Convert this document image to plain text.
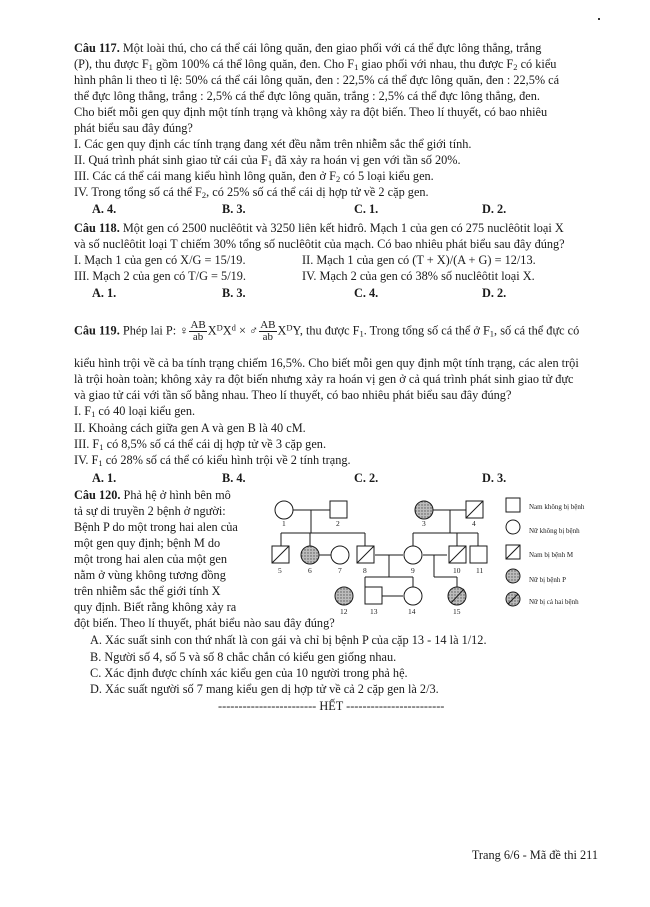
Câu 117. Một loài thú, cho cá thể cái lông quăn, đen giao phối với cá thể đực lông thẳng, trắng
(P), thu được $F_1$ gồm 100% cá thể lông quăn, đen. Cho $F_1$ giao phối với nhau, thu được $F_2$ có kiểu
hình phân li theo tỉ lệ: 50% cá thể cái lông quăn, đen : 22,5% cá thể đực lông quăn, đen : 22,5% cá
thể đực lông thẳng, trắng : 2,5% cá thể đực lông quăn, trắng : 2,5% cá thể đực lông thẳng, đen.
Cho biết mỗi gen quy định một tính trạng và không xảy ra đột biến. Theo lí thuyết, có bao nhiêu
phát biểu sau đây đúng?
I. Các gen quy định các tính trạng đang xét đều nằm trên nhiễm sắc thể giới tính.
II. Quá trình phát sinh giao tử cái của $F_1$ đã xảy ra hoán vị gen với tần số 20%.
III. Các cá thể cái mang kiểu hình lông quăn, đen ở $F_2$ có 5 loại kiểu gen.
IV. Trong tổng số cá thể $F_2$, có 25% số cá thể cái dị hợp tử về 2 cặp gen.
A. 4.	B. 3.	C. 1.	D. 2.
Câu 118. Một gen có 2500 nuclêôtit và 3250 liên kết hiđrô. Mạch 1 của gen có 275 nuclêôtit loại X
và số nuclêôtit loại T chiếm 30% tổng số nuclêôtit của mạch. Có bao nhiêu phát biểu sau đây đúng?
I. Mạch 1 của gen có X/G = 15/19.	II. Mạch 1 của gen có (T + X)/(A + G) = 12/13.
III. Mạch 2 của gen có T/G = 5/19.	IV. Mạch 2 của gen có 38% số nuclêôtit loại X.
A. 1.	B. 3.	C. 4.	D. 2.
Câu 119. Phép lai P: ♀ $\frac{AB}{ab} X^DX^d$ × ♂ $\frac{AB}{ab} X^DY$, thu được $F_1$. Trong tổng số cá thể ở $F_1$, số cá thể đực có
kiểu hình trội về cả ba tính trạng chiếm 16,5%. Cho biết mỗi gen quy định một tính trạng, các alen trội
là trội hoàn toàn; không xảy ra đột biến nhưng xảy ra hoán vị gen ở cả quá trình phát sinh giao tử đực
và giao tử cái với tần số bằng nhau. Theo lí thuyết, có bao nhiêu phát biểu sau đây đúng?
I. $F_1$ có 40 loại kiểu gen.
II. Khoảng cách giữa gen A và gen B là 40 cM.
III. $F_1$ có 8,5% số cá thể cái dị hợp tử về 3 cặp gen.
IV. $F_1$ có 28% số cá thể có kiểu hình trội về 2 tính trạng.
A. 1.	B. 4.	C. 2.	D. 3.
Câu 120. Phả hệ ở hình bên mô
tả sự di truyền 2 bệnh ở người:
Bệnh P do một trong hai alen của
một gen quy định; bệnh M do
một trong hai alen của một gen
nằm ở vùng không tương đồng
trên nhiễm sắc thể giới tính X
quy định. Biết rằng không xảy ra
đột biến. Theo lí thuyết, phát biểu nào sau đây đúng?
A. Xác suất sinh con thứ nhất là con gái và chỉ bị bệnh P của cặp 13 - 14 là 1/12.
B. Người số 4, số 5 và số 8 chắc chắn có kiểu gen giống nhau.
C. Xác định được chính xác kiểu gen của 10 người trong phả hệ.
D. Xác suất người số 7 mang kiểu gen dị hợp tử về cả 2 cặp gen là 2/3.
1	2	3	4
5	6	7	8	9	10 11
12	13	14	15
Nam không bị bệnh
Nữ không bị bệnh
Nam bị bệnh M
Nữ bị bệnh P
Nữ bị cả hai bệnh
------------------------ HẾT ------------------------
Trang 6/6 - Mã đề thi 211
